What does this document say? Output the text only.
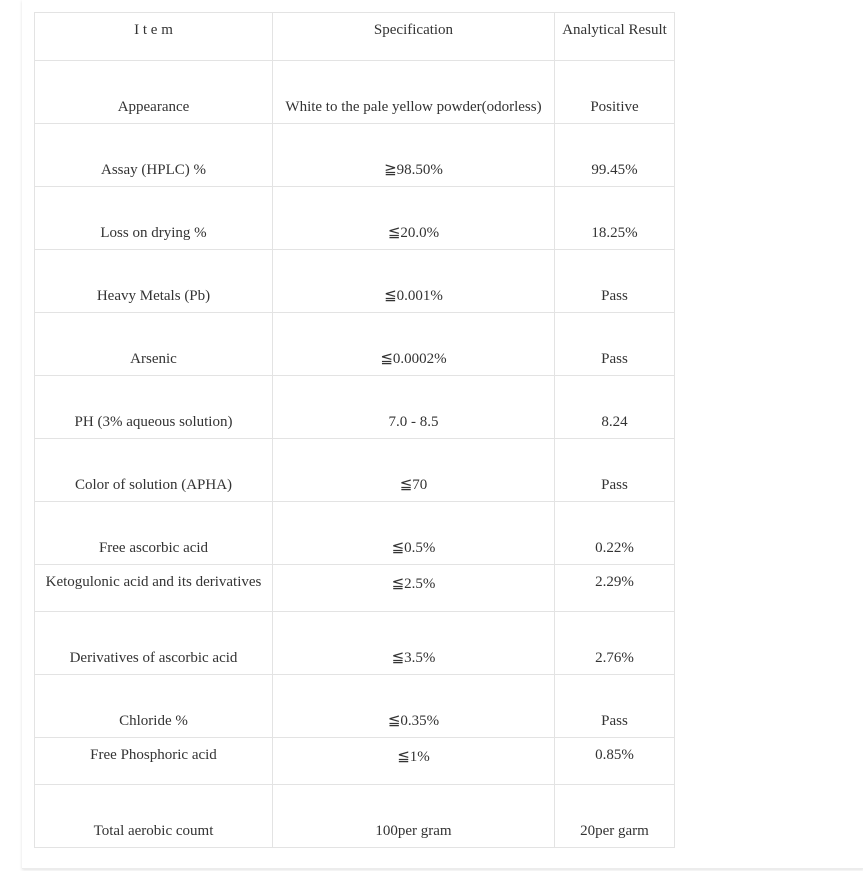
I t e m	Specification	Analytical Result
Appearance	White to the pale yellow powder(odorless)	Positive
Assay (HPLC) %	≧98.50%	99.45%
Loss on drying %	≦20.0%	18.25%
Heavy Metals (Pb)	≦0.001%	Pass
Arsenic	≦0.0002%	Pass
PH (3% aqueous solution)	7.0 - 8.5	8.24
Color of solution (APHA)	≦70	Pass
Free ascorbic acid	≦0.5%	0.22%
Ketogulonic acid and its derivatives	≦2.5%	2.29%
Derivatives of ascorbic acid	≦3.5%	2.76%
Chloride %	≦0.35%	Pass
Free Phosphoric acid	≦1%	0.85%
Total aerobic coumt	100per gram	20per garm
